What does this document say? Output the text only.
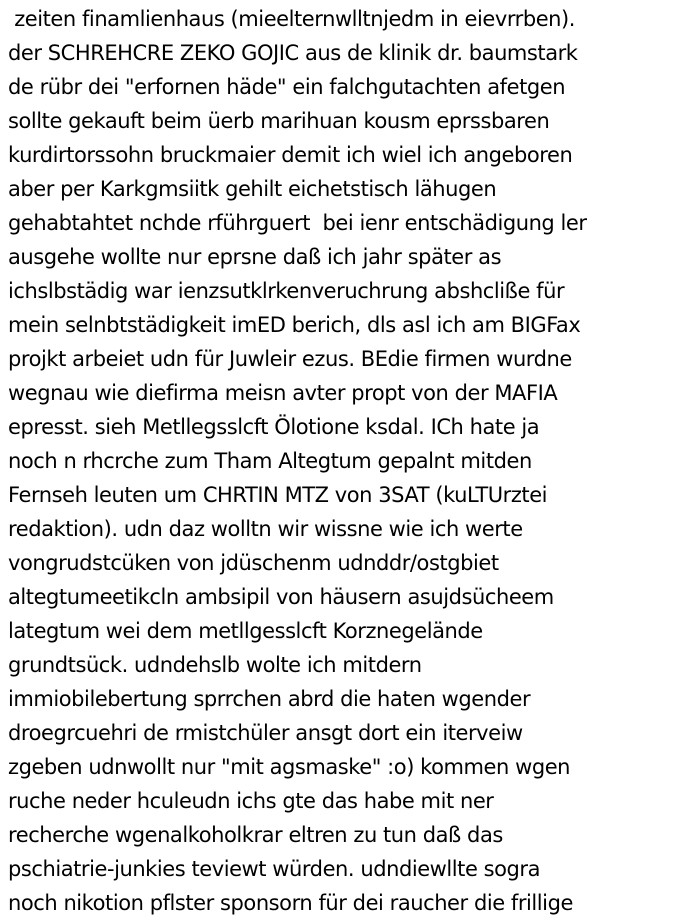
zeiten finamlienhaus (mieelternwlltnjedm in eievrrben).
der SCHREHCRE ZEKO GOJIC aus de klinik dr. baumstark
de rübr dei "erfornen häde" ein falchgutachten afetgen
sollte gekauft beim üerb marihuan kousm eprssbaren
kurdirtorssohn bruckmaier demit ich wiel ich angeboren
aber per Karkgmsiitk gehilt eichetstisch lähugen
gehabtahtet nchde rführguert  bei ienr entschädigung ler
ausgehe wollte nur eprsne daß ich jahr später as
ichslbstädig war ienzsutklrkenveruchrung abshcliße für
mein selnbtstädigkeit imED berich, dls asl ich am BIGFax
projkt arbeiet udn für Juwleir ezus. BEdie firmen wurdne
wegnau wie diefirma meisn avter propt von der MAFIA
epresst. sieh Metllegsslcft Ölotione ksdal. ICh hate ja
noch n rhcrche zum Tham Altegtum gepalnt mitden
Fernseh leuten um CHRTIN MTZ von 3SAT (kuLTUrztei
redaktion). udn daz wolltn wir wissne wie ich werte
vongrudstcüken von jdüschenm udnddr/ostgbiet
altegtumeetikcln ambsipil von häusern asujdsücheem
lategtum wei dem metllgesslcft Korznegelände
grundtsück. udndehslb wolte ich mitdern
immiobilebertung sprrchen abrd die haten wgender
droegrcuehri de rmistchüler ansgt dort ein iterveiw
zgeben udnwollt nur "mit agsmaske" :o) kommen wgen
ruche neder hculeudn ichs gte das habe mit ner
recherche wgenalkoholkrar eltren zu tun daß das
pschiatrie-junkies teviewt würden. udndiewllte sogra
noch nikotion pflster sponsorn für dei raucher die frillige
